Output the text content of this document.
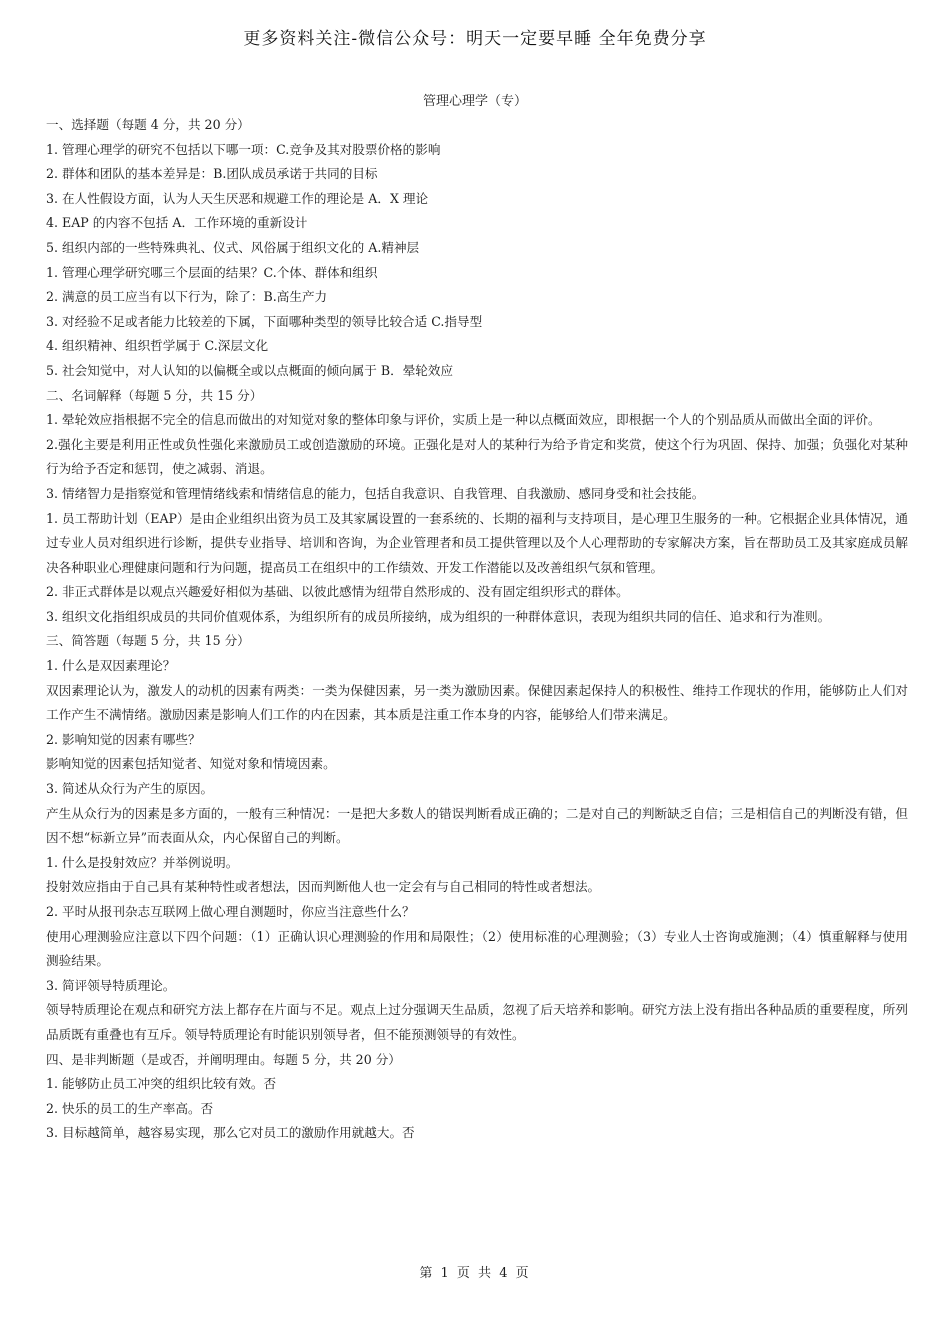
更多资料关注-微信公众号：明天一定要早睡 全年免费分享
管理心理学（专）

一、选择题（每题 4 分，共 20 分）

1. 管理心理学的研究不包括以下哪一项：C.竞争及其对股票价格的影响

2. 群体和团队的基本差异是：B.团队成员承诺于共同的目标

3. 在人性假设方面，认为人天生厌恶和规避工作的理论是 A．X 理论

4. EAP 的内容不包括 A．工作环境的重新设计

5. 组织内部的一些特殊典礼、仪式、风俗属于组织文化的 A.精神层

1. 管理心理学研究哪三个层面的结果？C.个体、群体和组织

2. 满意的员工应当有以下行为，除了：B.高生产力

3. 对经验不足或者能力比较差的下属，下面哪种类型的领导比较合适 C.指导型

4. 组织精神、组织哲学属于 C.深层文化

5. 社会知觉中，对人认知的以偏概全或以点概面的倾向属于 B．晕轮效应

二、名词解释（每题 5 分，共 15 分）

1. 晕轮效应指根据不完全的信息而做出的对知觉对象的整体印象与评价，实质上是一种以点概面效应，即根据一个人的个别品质从而做出全面的评价。

2.强化主要是利用正性或负性强化来激励员工或创造激励的环境。正强化是对人的某种行为给予肯定和奖赏，使这个行为巩固、保持、加强；负强化对某种行为给予否定和惩罚，使之减弱、消退。

3. 情绪智力是指察觉和管理情绪线索和情绪信息的能力，包括自我意识、自我管理、自我激励、感同身受和社会技能。

1. 员工帮助计划（EAP）是由企业组织出资为员工及其家属设置的一套系统的、长期的福利与支持项目，是心理卫生服务的一种。它根据企业具体情况，通过专业人员对组织进行诊断，提供专业指导、培训和咨询，为企业管理者和员工提供管理以及个人心理帮助的专家解决方案，旨在帮助员工及其家庭成员解决各种职业心理健康问题和行为问题，提高员工在组织中的工作绩效、开发工作潜能以及改善组织气氛和管理。

2. 非正式群体是以观点兴趣爱好相似为基础、以彼此感情为纽带自然形成的、没有固定组织形式的群体。

3. 组织文化指组织成员的共同价值观体系，为组织所有的成员所接纳，成为组织的一种群体意识，表现为组织共同的信任、追求和行为准则。

三、简答题（每题 5 分，共 15 分）

1. 什么是双因素理论？

双因素理论认为，激发人的动机的因素有两类：一类为保健因素，另一类为激励因素。保健因素起保持人的积极性、维持工作现状的作用，能够防止人们对工作产生不满情绪。激励因素是影响人们工作的内在因素，其本质是注重工作本身的内容，能够给人们带来满足。

2. 影响知觉的因素有哪些？

影响知觉的因素包括知觉者、知觉对象和情境因素。

3. 简述从众行为产生的原因。

产生从众行为的因素是多方面的，一般有三种情况：一是把大多数人的错误判断看成正确的；二是对自己的判断缺乏自信；三是相信自己的判断没有错，但因不想“标新立异”而表面从众，内心保留自己的判断。

1. 什么是投射效应？并举例说明。

投射效应指由于自己具有某种特性或者想法，因而判断他人也一定会有与自己相同的特性或者想法。

2. 平时从报刊杂志互联网上做心理自测题时，你应当注意些什么？

使用心理测验应注意以下四个问题：（1）正确认识心理测验的作用和局限性；（2）使用标准的心理测验；（3）专业人士咨询或施测；（4）慎重解释与使用测验结果。

3. 简评领导特质理论。

领导特质理论在观点和研究方法上都存在片面与不足。观点上过分强调天生品质，忽视了后天培养和影响。研究方法上没有指出各种品质的重要程度，所列品质既有重叠也有互斥。领导特质理论有时能识别领导者，但不能预测领导的有效性。

四、是非判断题（是或否，并阐明理由。每题 5 分，共 20 分）

1. 能够防止员工冲突的组织比较有效。否

2. 快乐的员工的生产率高。否

3. 目标越简单，越容易实现，那么它对员工的激励作用就越大。否

第 1 页 共 4 页
